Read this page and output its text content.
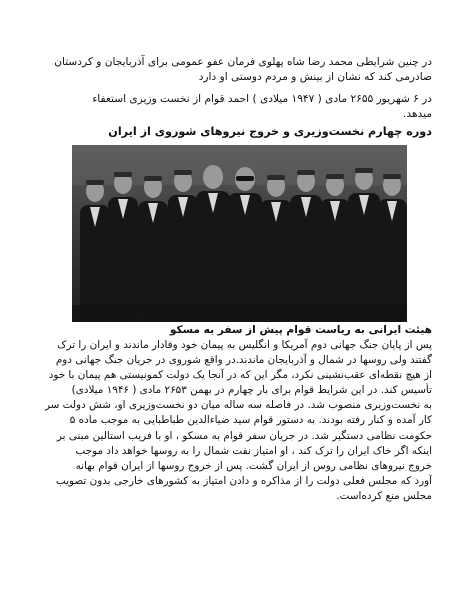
در چنین شرایطی محمد رضا شاه پهلوی فرمان عفو عمومی برای آذربایجان و کردستان
صادرمی کند که نشان از بینش و مردم دوستی او دارد
در ۶ شهریور ۲۶۵۵ مادی ( ۱۹۴۷ میلادی ) احمد قوام از نخست وزیری استعفاء
میدهد.
دوره چهارم نخست‌وزیری و خروج نیروهای شوروی از ایران
هیئت ایرانی به ریاست قوام پیش از سفر به مسکو
پس از پایان جنگ جهانی دوم آمریکا و انگلیس به پیمان خود وفادار ماندند و ایران را ترک
گفتند ولی روسها در شمال و آذربایجان ماندند.در واقع شوروی در جریان جنگ جهانی دوم
از هیچ نقطه‌ای عقب‌نشینی نکرد، مگر این که در آنجا یک دولت کمونیستی هم پیمان با خود
تأسیس کند. در این شرایط قوام برای بار چهارم در بهمن ۲۶۵۳ مادی ( ۱۹۴۶ میلادی)
به نخست‌وزیری منصوب شد. در فاصله سه ساله میان دو نخست‌وزیری او، شش دولت سر
کار آمده و کنار رفته بودند. به دستور قوام سید ضیاءالدین طباطبایی به موجب ماده ۵
حکومت نظامی دستگیر شد. در جریان سفر قوام به مسکو ، او با فریب استالین مبنی بر
اینکه اگر خاک ایران را ترک کند ، او امتیاز نفت شمال را به روسها خواهد داد موجب
خروج نیروهای نظامی روس از ایران گشت. پس از خروج روسها از ایران قوام بهانه
آورد که مجلس فعلی دولت را از مذاکره و دادن امتیاز به کشورهای خارجی بدون تصویب
مجلس منع کرده‌است.
